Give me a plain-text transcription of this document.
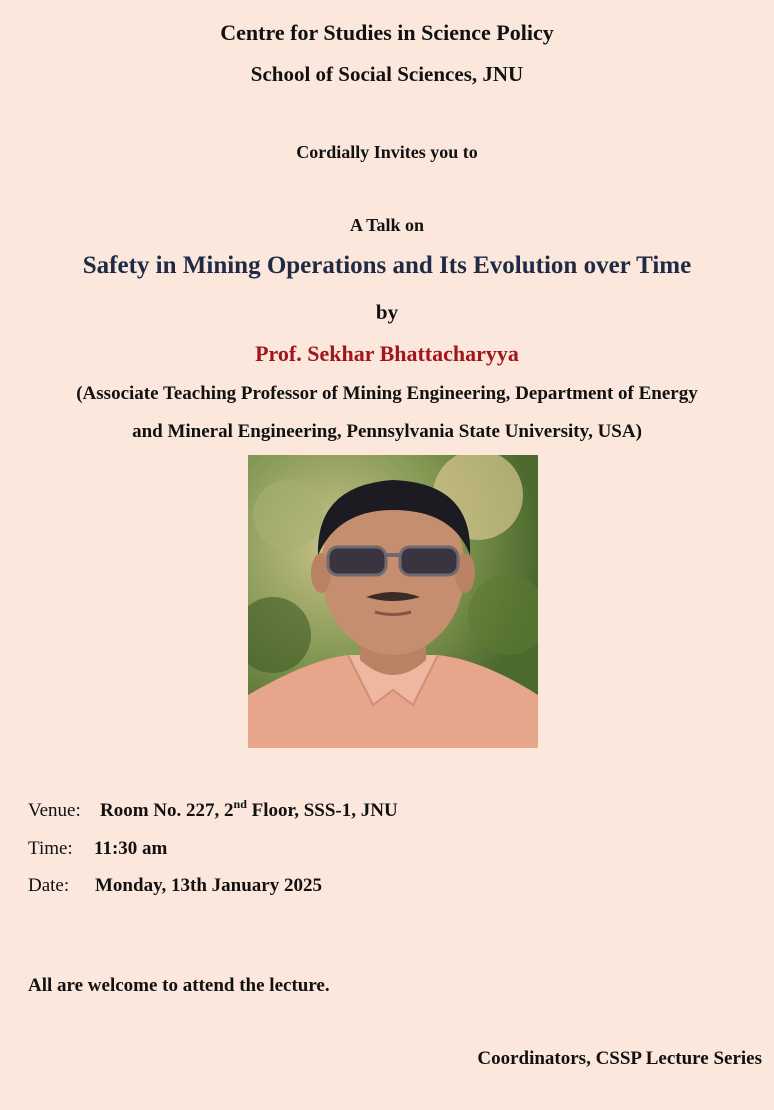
Centre for Studies in Science Policy
School of Social Sciences, JNU
Cordially Invites you to
A Talk on
Safety in Mining Operations and Its Evolution over Time
by
Prof. Sekhar Bhattacharyya
(Associate Teaching Professor of Mining Engineering, Department of Energy
and Mineral Engineering, Pennsylvania State University, USA)
Venue: Room No. 227, 2nd Floor, SSS-1, JNU
Time: 11:30 am
Date: Monday, 13th January 2025
All are welcome to attend the lecture.
Coordinators, CSSP Lecture Series
